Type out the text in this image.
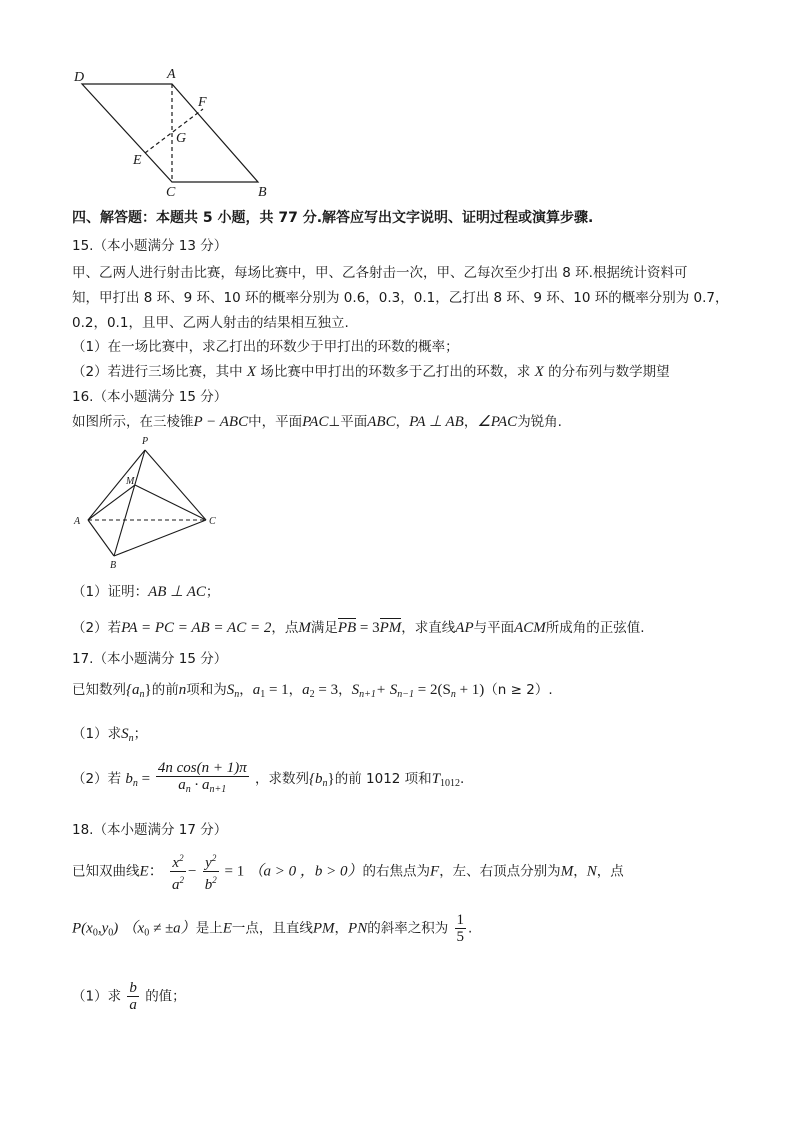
D	A
F
G
E
C	B
四、解答题：本题共 5 小题，共 77 分.解答应写出文字说明、证明过程或演算步骤.
15.（本小题满分 13 分）
甲、乙两人进行射击比赛，每场比赛中，甲、乙各射击一次，甲、乙每次至少打出 8 环.根据统计资料可
知，甲打出 8 环、9 环、10 环的概率分别为 0.6，0.3，0.1，乙打出 8 环、9 环、10 环的概率分别为 0.7，
0.2，0.1，且甲、乙两人射击的结果相互独立.
（1）在一场比赛中，求乙打出的环数少于甲打出的环数的概率；
（2）若进行三场比赛，其中 X 场比赛中甲打出的环数多于乙打出的环数，求 X 的分布列与数学期望
16.（本小题满分 15 分）
如图所示，在三棱锥P − ABC中，平面PAC⊥平面ABC，PA ⊥ AB，∠PAC为锐角.
P
M
A	C
B
（1）证明：AB ⊥ AC；
（2）若PA = PC = AB = AC = 2，点M满足PB = 3PM，求直线AP与平面ACM所成角的正弦值.
17.（本小题满分 15 分）
已知数列$\{a_n\}$的前n项和为$S_n$，$a_1 = 1$，$a_2 = 3$，$S_{n+1}+ S_{n-1} = 2(S_n + 1)(n \ge 2)$.
（1）求$S_n$；
（2）若 $b_n = \frac{\text{4n cos(n + 1)π}}{a_n \cdot a_{n+1}}$ ，求数列$\{b_n\}$的前 1012 项和$T_{1012}$.
18.（本小题满分 17 分）
已知双曲线E： $\frac{x^2}{a^2} - \frac{y^2}{b^2} = 1$ （a > 0 ，b > 0）的右焦点为F，左、右顶点分别为M，N，点
$P(x_0,y_0) (x_0 \ne \pm a)$是上E一点，且直线PM，PN的斜率之积为 $\frac{1}{5}$ .
（1）求 $\frac{b}{a}$ 的值；
